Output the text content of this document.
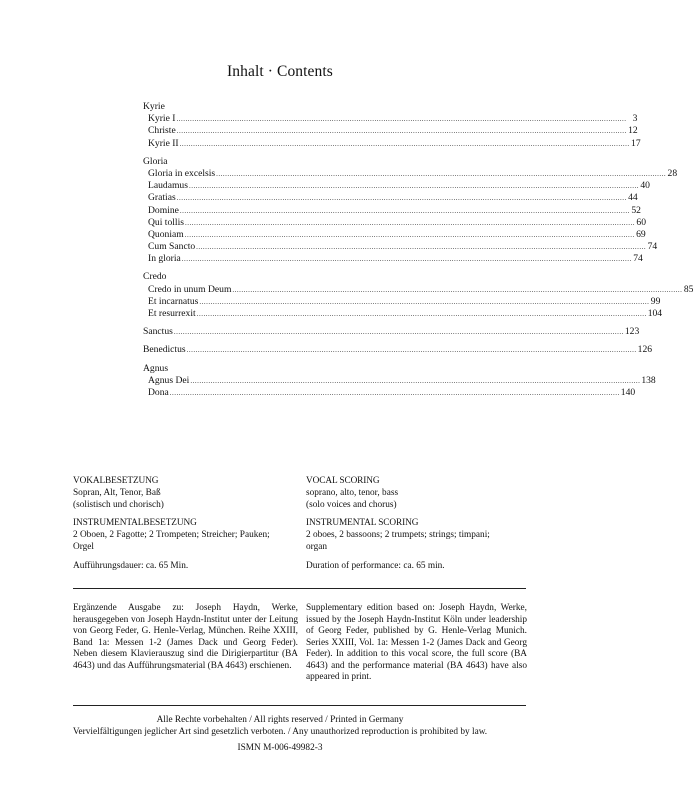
Inhalt · Contents
Kyrie
Kyrie I ........................................................................................................................................................................................................ 3
Christe ........................................................................................................................................................................................................ 12
Kyrie II ........................................................................................................................................................................................................ 17
Gloria
Gloria in excelsis ........................................................................................................................................................................................................ 28
Laudamus ........................................................................................................................................................................................................ 40
Gratias ........................................................................................................................................................................................................ 44
Domine ........................................................................................................................................................................................................ 52
Qui tollis ........................................................................................................................................................................................................ 60
Quoniam ........................................................................................................................................................................................................ 69
Cum Sancto ........................................................................................................................................................................................................ 74
In gloria ........................................................................................................................................................................................................ 74
Credo
Credo in unum Deum ........................................................................................................................................................................................................ 85
Et incarnatus ........................................................................................................................................................................................................ 99
Et resurrexit ........................................................................................................................................................................................................ 104
Sanctus ........................................................................................................................................................................................................ 123
Benedictus ........................................................................................................................................................................................................ 126
Agnus
Agnus Dei ........................................................................................................................................................................................................ 138
Dona ........................................................................................................................................................................................................ 140
VOKALBESETZUNG
Sopran, Alt, Tenor, Baß
(solistisch und chorisch)
INSTRUMENTALBESETZUNG
2 Oboen, 2 Fagotte; 2 Trompeten; Streicher; Pauken;
Orgel
Aufführungsdauer: ca. 65 Min.
VOCAL SCORING
soprano, alto, tenor, bass
(solo voices and chorus)
INSTRUMENTAL SCORING
2 oboes, 2 bassoons; 2 trumpets; strings; timpani;
organ
Duration of performance: ca. 65 min.
Ergänzende Ausgabe zu: Joseph Haydn, Werke, herausgegeben von Joseph Haydn-Institut unter der Leitung von Georg Feder, G. Henle-Verlag, München. Reihe XXIII, Band 1a: Messen 1-2 (James Dack und Georg Feder). Neben diesem Klavierauszug sind die Dirigierpartitur (BA 4643) und das Aufführungsmaterial (BA 4643) erschienen.
Supplementary edition based on: Joseph Haydn, Werke, issued by the Joseph Haydn-Institut Köln under leadership of Georg Feder, published by G. Henle-Verlag Munich. Series XXIII, Vol. 1a: Messen 1-2 (James Dack and Georg Feder). In addition to this vocal score, the full score (BA 4643) and the performance material (BA 4643) have also appeared in print.
Alle Rechte vorbehalten / All rights reserved / Printed in Germany
Vervielfältigungen jeglicher Art sind gesetzlich verboten. / Any unauthorized reproduction is prohibited by law.
ISMN M-006-49982-3
